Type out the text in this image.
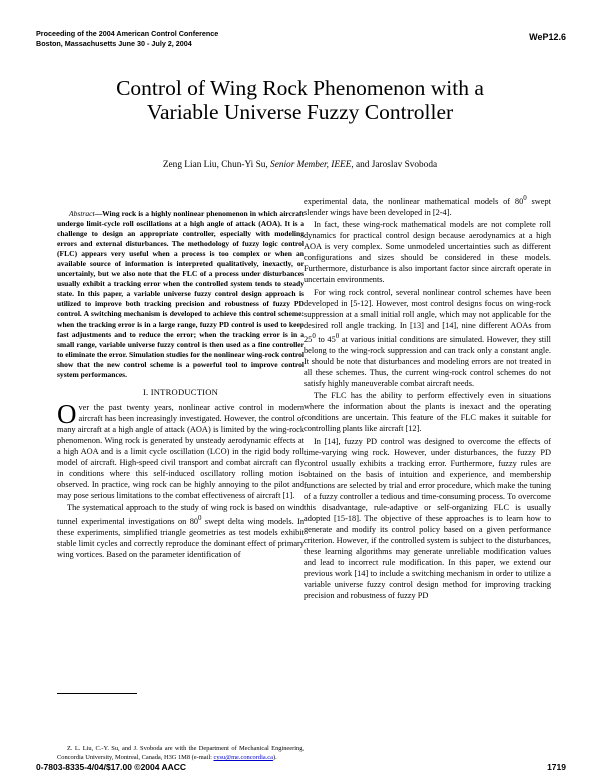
Proceeding of the 2004 American Control Conference
Boston, Massachusetts June 30 - July 2, 2004
WeP12.6
Control of Wing Rock Phenomenon with a
Variable Universe Fuzzy Controller
Zeng Lian Liu, Chun-Yi Su, Senior Member, IEEE, and Jaroslav Svoboda

Abstract—Wing rock is a highly nonlinear phenomenon in which aircraft undergo limit-cycle roll oscillations at a high angle of attack (AOA). It is a challenge to design an appropriate controller, especially with modeling errors and external disturbances. The methodology of fuzzy logic control (FLC) appears very useful when a process is too complex or when an available source of information is interpreted qualitatively, inexactly, or uncertainly, but we also note that the FLC of a process under disturbances usually exhibit a tracking error when the controlled system tends to steady state. In this paper, a variable universe fuzzy control design approach is utilized to improve both tracking precision and robustness of fuzzy PD control. A switching mechanism is developed to achieve this control scheme: when the tracking error is in a large range, fuzzy PD control is used to keep fast adjustments and to reduce the error; when the tracking error is in a small range, variable universe fuzzy control is then used as a fine controller to eliminate the error. Simulation studies for the nonlinear wing-rock control show that the new control scheme is a powerful tool to improve control system performances.

I. INTRODUCTION

Over the past twenty years, nonlinear active control in modern aircraft has been increasingly investigated. However, the control of many aircraft at a high angle of attack (AOA) is limited by the wing-rock phenomenon. Wing rock is generated by unsteady aerodynamic effects at a high AOA and is a limit cycle oscillation (LCO) in the rigid body roll model of aircraft. High-speed civil transport and combat aircraft can fly in conditions where this self-induced oscillatory rolling motion is observed. In practice, wing rock can be highly annoying to the pilot and may pose serious limitations to the combat effectiveness of aircraft [1].

The systematical approach to the study of wing rock is based on wind tunnel experimental investigations on $80^0$ swept delta wing models. In these experiments, simplified triangle geometries as test models exhibit stable limit cycles and correctly reproduce the dominant effect of primary wing vortices. Based on the parameter identification of

Z. L. Liu, C.-Y. Su, and J. Svoboda are with the Department of Mechanical Engineering, Concordia University, Montreal, Canada, H3G 1M8 (e-mail: cysu@me.concordia.ca).

experimental data, the nonlinear mathematical models of $80^0$ swept slender wings have been developed in [2-4].

In fact, these wing-rock mathematical models are not complete roll dynamics for practical control design because aerodynamics at a high AOA is very complex. Some unmodeled uncertainties such as different configurations and sizes should be considered in these models. Furthermore, disturbance is also important factor since aircraft operate in uncertain environments.

For wing rock control, several nonlinear control schemes have been developed in [5-12]. However, most control designs focus on wing-rock suppression at a small initial roll angle, which may not applicable for the desired roll angle tracking. In [13] and [14], nine different AOAs from $25^0$ to $45^0$ at various initial conditions are simulated. However, they still belong to the wing-rock suppression and can track only a constant angle. It should be note that disturbances and modeling errors are not treated in all these schemes. Thus, the current wing-rock control schemes do not satisfy highly maneuverable combat aircraft needs.

The FLC has the ability to perform effectively even in situations where the information about the plants is inexact and the operating conditions are uncertain. This feature of the FLC makes it suitable for controlling plants like aircraft [12].

In [14], fuzzy PD control was designed to overcome the effects of time-varying wing rock. However, under disturbances, the fuzzy PD control usually exhibits a tracking error. Furthermore, fuzzy rules are obtained on the basis of intuition and experience, and membership functions are selected by trial and error procedure, which make the tuning of a fuzzy controller a tedious and time-consuming process. To overcome this disadvantage, rule-adaptive or self-organizing FLC is usually adopted [15-18]. The objective of these approaches is to learn how to generate and modify its control policy based on a given performance criterion. However, if the controlled system is subject to the disturbances, these learning algorithms may generate unreliable modification values and lead to incorrect rule modification. In this paper, we extend our previous work [14] to include a switching mechanism in order to utilize a variable universe fuzzy control design method for improving tracking precision and robustness of fuzzy PD

0-7803-8335-4/04/$17.00 ©2004 AACC	1719
